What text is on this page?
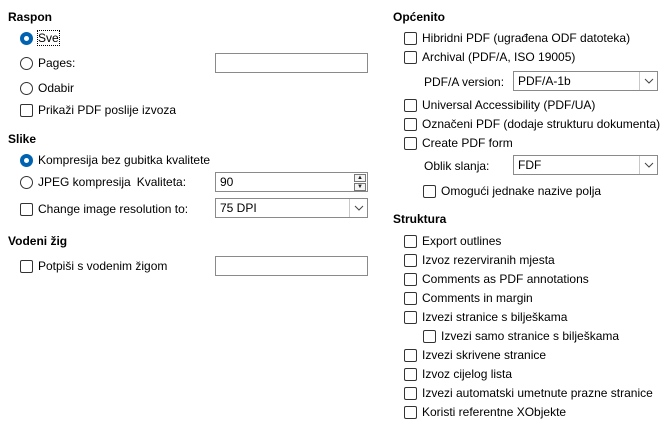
Raspon
Sve
Pages:
Odabir
Prikaži PDF poslije izvoza
Slike
Kompresija bez gubitka kvalitete
JPEG kompresija Kvaliteta:	90	▲
▼
Change image resolution to:	75 DPI
Vodeni žig
Potpiši s vodenim žigom
Općenito
Hibridni PDF (ugrađena ODF datoteka)
Archival (PDF/A, ISO 19005)
PDF/A version: PDF/A-1b
Universal Accessibility (PDF/UA)
Označeni PDF (dodaje strukturu dokumenta)
Create PDF form
Oblik slanja: FDF
Omogući jednake nazive polja
Struktura
Export outlines
Izvoz rezerviranih mjesta
Comments as PDF annotations
Comments in margin
Izvezi stranice s bilješkama
Izvezi samo stranice s bilješkama
Izvezi skrivene stranice
Izvoz cijelog lista
Izvezi automatski umetnute prazne stranice
Koristi referentne XObjekte
